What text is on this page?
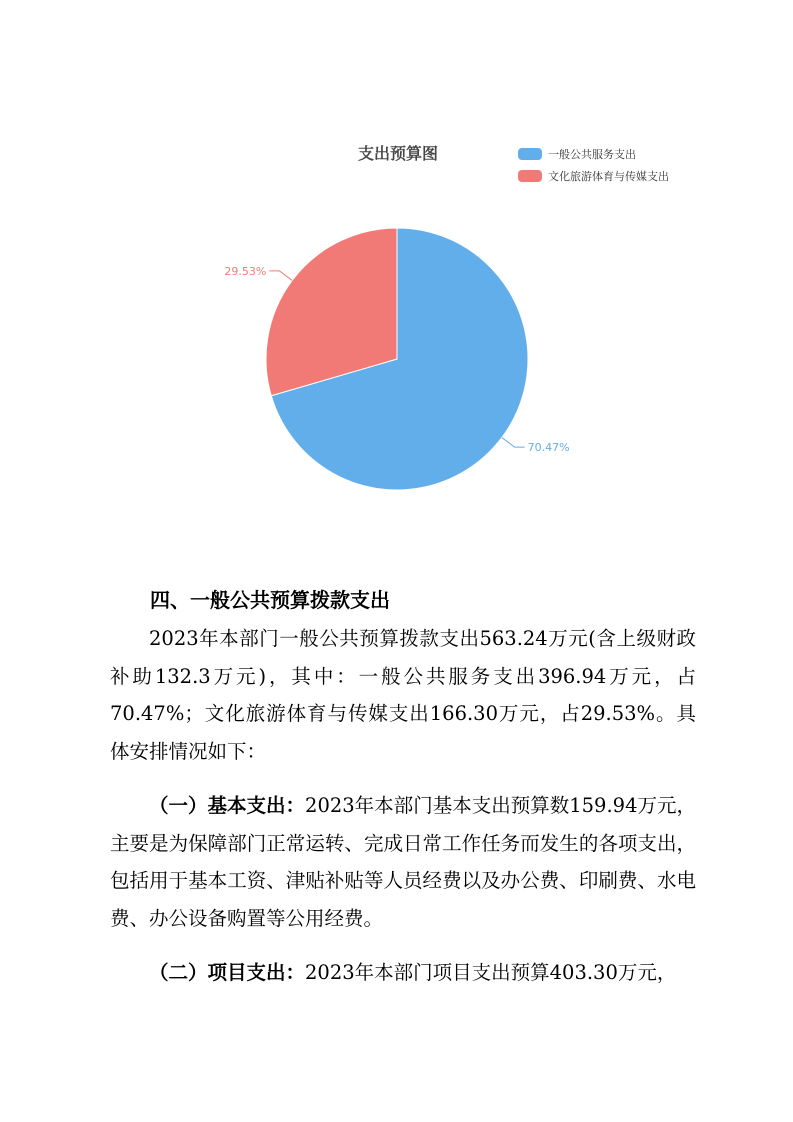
支出预算图	一般公共服务支出
文化旅游体育与传媒支出
70.47%
29.53%
四、一般公共预算拨款支出

2023年本部门一般公共预算拨款支出563.24万元(含上级财政补助132.3万元)，其中：一般公共服务支出396.94万元，占70.47%；文化旅游体育与传媒支出166.30万元，占29.53%。具体安排情况如下：

（一）基本支出：2023年本部门基本支出预算数159.94万元，主要是为保障部门正常运转、完成日常工作任务而发生的各项支出，包括用于基本工资、津贴补贴等人员经费以及办公费、印刷费、水电费、办公设备购置等公用经费。

（二）项目支出：2023年本部门项目支出预算403.30万元，
